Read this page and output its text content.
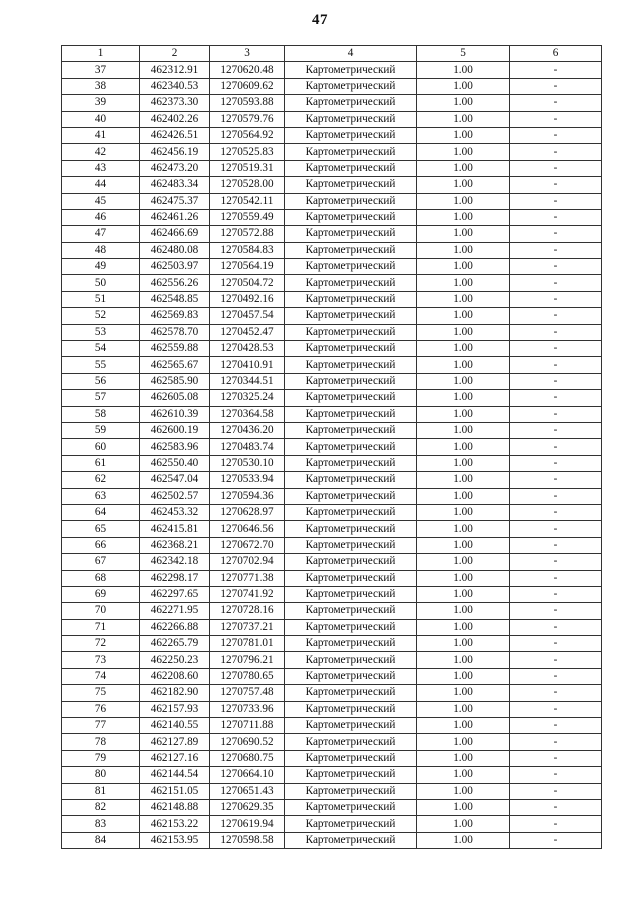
47
1	2	3	4	5	6
37	462312.91	1270620.48	Картометрический	1.00	-
38	462340.53	1270609.62	Картометрический	1.00	-
39	462373.30	1270593.88	Картометрический	1.00	-
40	462402.26	1270579.76	Картометрический	1.00	-
41	462426.51	1270564.92	Картометрический	1.00	-
42	462456.19	1270525.83	Картометрический	1.00	-
43	462473.20	1270519.31	Картометрический	1.00	-
44	462483.34	1270528.00	Картометрический	1.00	-
45	462475.37	1270542.11	Картометрический	1.00	-
46	462461.26	1270559.49	Картометрический	1.00	-
47	462466.69	1270572.88	Картометрический	1.00	-
48	462480.08	1270584.83	Картометрический	1.00	-
49	462503.97	1270564.19	Картометрический	1.00	-
50	462556.26	1270504.72	Картометрический	1.00	-
51	462548.85	1270492.16	Картометрический	1.00	-
52	462569.83	1270457.54	Картометрический	1.00	-
53	462578.70	1270452.47	Картометрический	1.00	-
54	462559.88	1270428.53	Картометрический	1.00	-
55	462565.67	1270410.91	Картометрический	1.00	-
56	462585.90	1270344.51	Картометрический	1.00	-
57	462605.08	1270325.24	Картометрический	1.00	-
58	462610.39	1270364.58	Картометрический	1.00	-
59	462600.19	1270436.20	Картометрический	1.00	-
60	462583.96	1270483.74	Картометрический	1.00	-
61	462550.40	1270530.10	Картометрический	1.00	-
62	462547.04	1270533.94	Картометрический	1.00	-
63	462502.57	1270594.36	Картометрический	1.00	-
64	462453.32	1270628.97	Картометрический	1.00	-
65	462415.81	1270646.56	Картометрический	1.00	-
66	462368.21	1270672.70	Картометрический	1.00	-
67	462342.18	1270702.94	Картометрический	1.00	-
68	462298.17	1270771.38	Картометрический	1.00	-
69	462297.65	1270741.92	Картометрический	1.00	-
70	462271.95	1270728.16	Картометрический	1.00	-
71	462266.88	1270737.21	Картометрический	1.00	-
72	462265.79	1270781.01	Картометрический	1.00	-
73	462250.23	1270796.21	Картометрический	1.00	-
74	462208.60	1270780.65	Картометрический	1.00	-
75	462182.90	1270757.48	Картометрический	1.00	-
76	462157.93	1270733.96	Картометрический	1.00	-
77	462140.55	1270711.88	Картометрический	1.00	-
78	462127.89	1270690.52	Картометрический	1.00	-
79	462127.16	1270680.75	Картометрический	1.00	-
80	462144.54	1270664.10	Картометрический	1.00	-
81	462151.05	1270651.43	Картометрический	1.00	-
82	462148.88	1270629.35	Картометрический	1.00	-
83	462153.22	1270619.94	Картометрический	1.00	-
84	462153.95	1270598.58	Картометрический	1.00	-
